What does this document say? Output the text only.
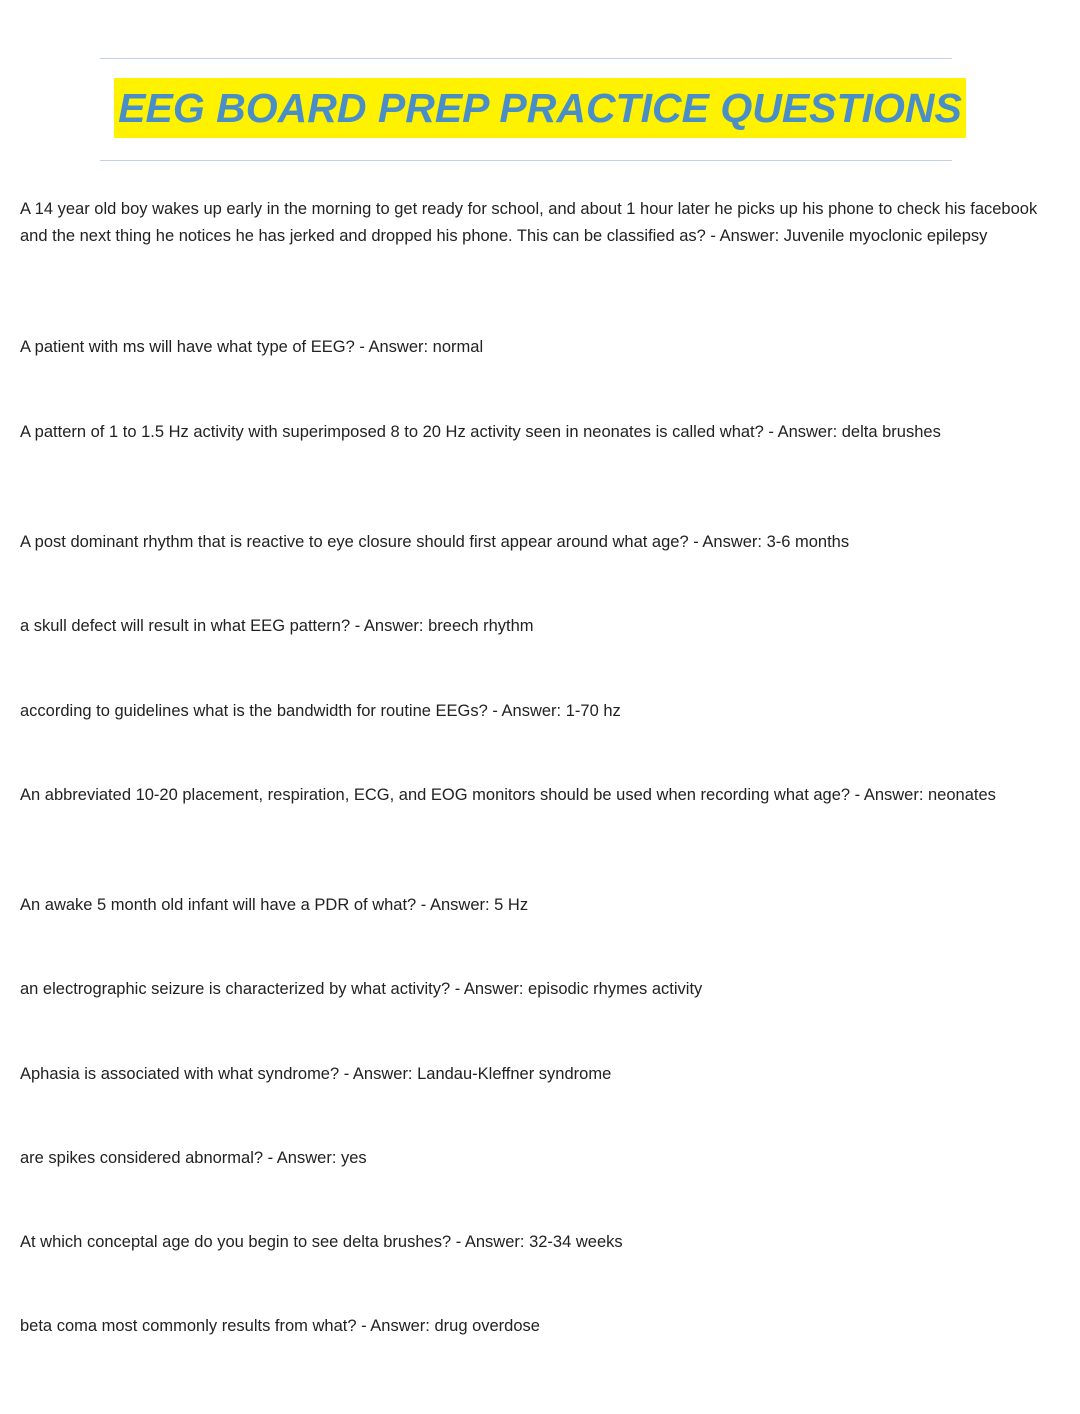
EEG BOARD PREP PRACTICE QUESTIONS

A 14 year old boy wakes up early in the morning to get ready for school, and about 1 hour later he picks up his phone to check his facebook and the next thing he notices he has jerked and dropped his phone. This can be classified as? - Answer: Juvenile myoclonic epilepsy

A patient with ms will have what type of EEG? - Answer: normal

A pattern of 1 to 1.5 Hz activity with superimposed 8 to 20 Hz activity seen in neonates is called what? - Answer: delta brushes

A post dominant rhythm that is reactive to eye closure should first appear around what age? - Answer: 3-6 months

a skull defect will result in what EEG pattern? - Answer: breech rhythm

according to guidelines what is the bandwidth for routine EEGs? - Answer: 1-70 hz

An abbreviated 10-20 placement, respiration, ECG, and EOG monitors should be used when recording what age? - Answer: neonates

An awake 5 month old infant will have a PDR of what? - Answer: 5 Hz

an electrographic seizure is characterized by what activity? - Answer: episodic rhymes activity

Aphasia is associated with what syndrome? - Answer: Landau-Kleffner syndrome

are spikes considered abnormal? - Answer: yes

At which conceptal age do you begin to see delta brushes? - Answer: 32-34 weeks

beta coma most commonly results from what? - Answer: drug overdose
